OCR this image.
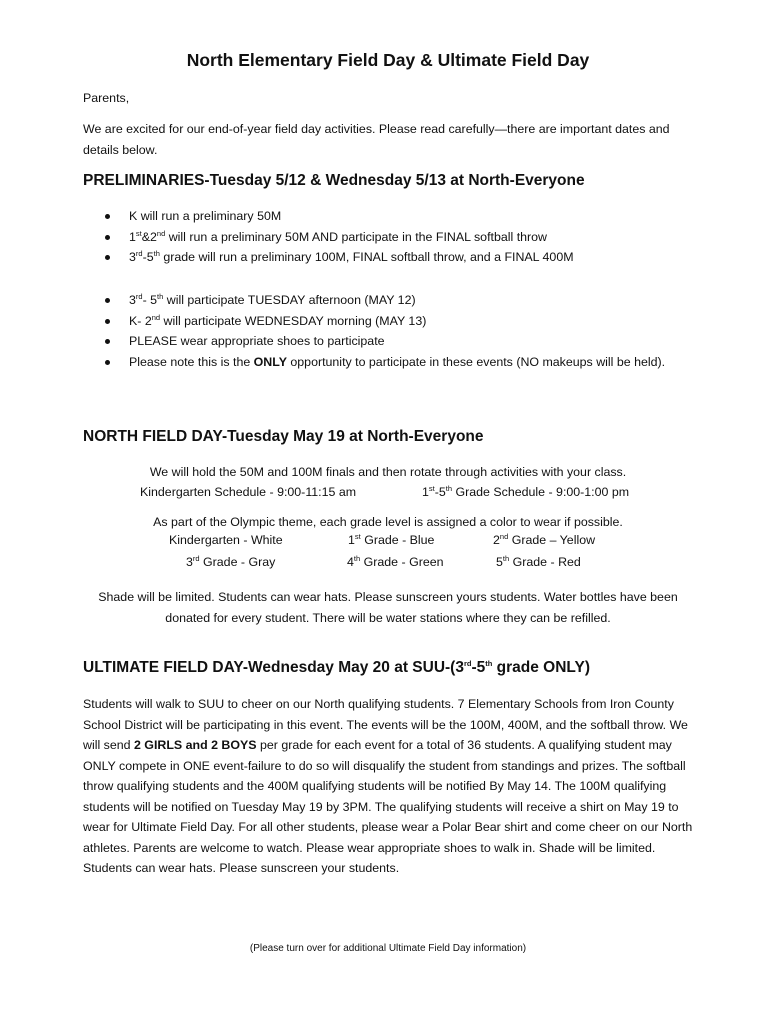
North Elementary Field Day & Ultimate Field Day

Parents,

We are excited for our end-of-year field day activities. Please read carefully—there are important dates and details below.

PRELIMINARIES-Tuesday 5/12 & Wednesday 5/13 at North-Everyone
K will run a preliminary 50M
1st&2nd will run a preliminary 50M AND participate in the FINAL softball throw
3rd-5th grade will run a preliminary 100M, FINAL softball throw, and a FINAL 400M
3rd- 5th will participate TUESDAY afternoon (MAY 12)
K- 2nd will participate WEDNESDAY morning (MAY 13)
PLEASE wear appropriate shoes to participate
Please note this is the ONLY opportunity to participate in these events (NO makeups will be held).
NORTH FIELD DAY-Tuesday May 19 at North-Everyone

We will hold the 50M and 100M finals and then rotate through activities with your class.

Kindergarten Schedule - 9:00-11:15 am	1st-5th Grade Schedule - 9:00-1:00 pm

As part of the Olympic theme, each grade level is assigned a color to wear if possible.

Kindergarten - White	1st Grade - Blue	2nd Grade – Yellow
3rd Grade - Gray	4th Grade - Green	5th Grade - Red

Shade will be limited. Students can wear hats. Please sunscreen yours students. Water bottles have been donated for every student. There will be water stations where they can be refilled.

ULTIMATE FIELD DAY-Wednesday May 20 at SUU-(3rd-5th grade ONLY)

Students will walk to SUU to cheer on our North qualifying students. 7 Elementary Schools from Iron County School District will be participating in this event. The events will be the 100M, 400M, and the softball throw. We will send 2 GIRLS and 2 BOYS per grade for each event for a total of 36 students. A qualifying student may ONLY compete in ONE event-failure to do so will disqualify the student from standings and prizes. The softball throw qualifying students and the 400M qualifying students will be notified By May 14. The 100M qualifying students will be notified on Tuesday May 19 by 3PM. The qualifying students will receive a shirt on May 19 to wear for Ultimate Field Day. For all other students, please wear a Polar Bear shirt and come cheer on our North athletes. Parents are welcome to watch. Please wear appropriate shoes to walk in. Shade will be limited. Students can wear hats. Please sunscreen your students.

(Please turn over for additional Ultimate Field Day information)
